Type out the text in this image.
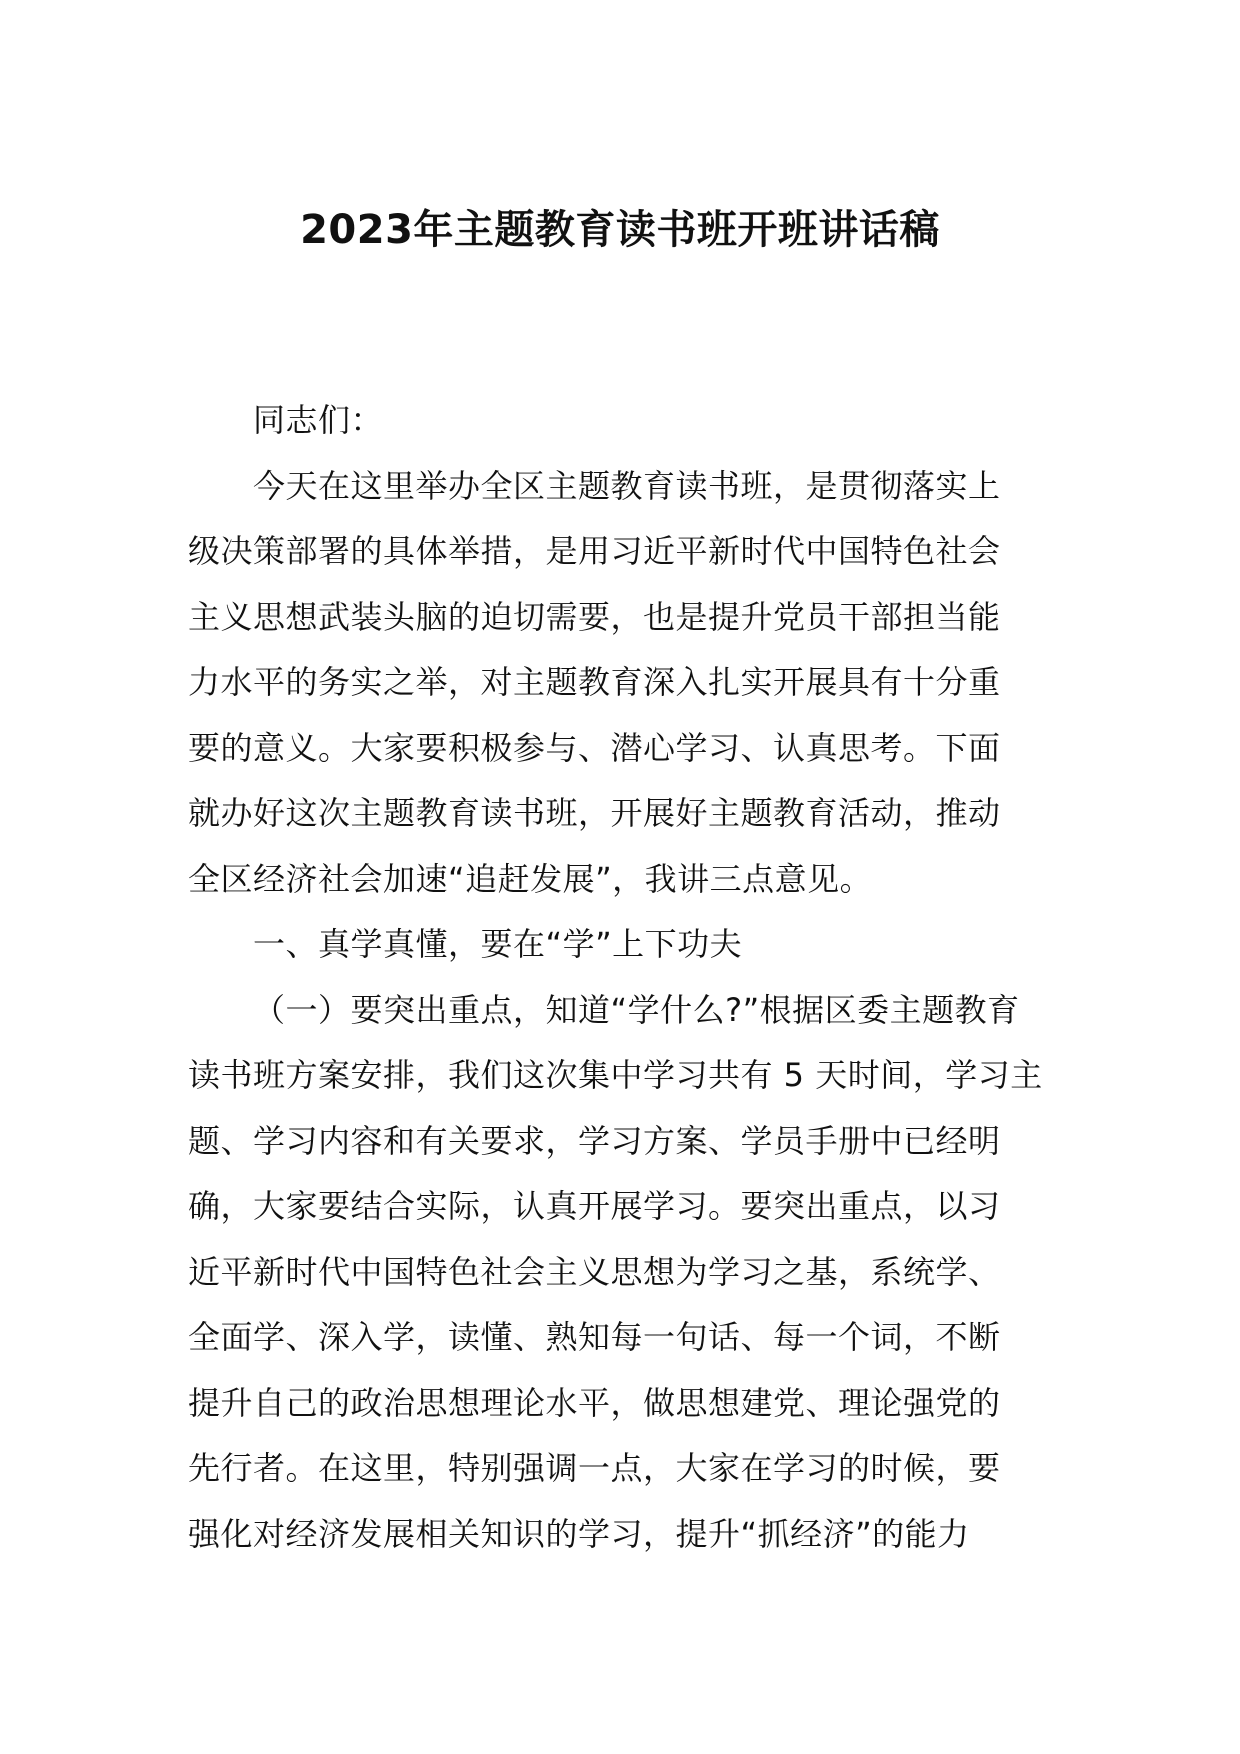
2023年主题教育读书班开班讲话稿
同志们：
今天在这里举办全区主题教育读书班，是贯彻落实上
级决策部署的具体举措，是用习近平新时代中国特色社会
主义思想武装头脑的迫切需要，也是提升党员干部担当能
力水平的务实之举，对主题教育深入扎实开展具有十分重
要的意义。大家要积极参与、潜心学习、认真思考。下面
就办好这次主题教育读书班，开展好主题教育活动，推动
全区经济社会加速“追赶发展”，我讲三点意见。
一、真学真懂，要在“学”上下功夫
（一）要突出重点，知道“学什么?”根据区委主题教育
读书班方案安排，我们这次集中学习共有 5 天时间，学习主
题、学习内容和有关要求，学习方案、学员手册中已经明
确，大家要结合实际，认真开展学习。要突出重点，以习
近平新时代中国特色社会主义思想为学习之基，系统学、
全面学、深入学，读懂、熟知每一句话、每一个词，不断
提升自己的政治思想理论水平，做思想建党、理论强党的
先行者。在这里，特别强调一点，大家在学习的时候，要
强化对经济发展相关知识的学习，提升“抓经济”的能力
